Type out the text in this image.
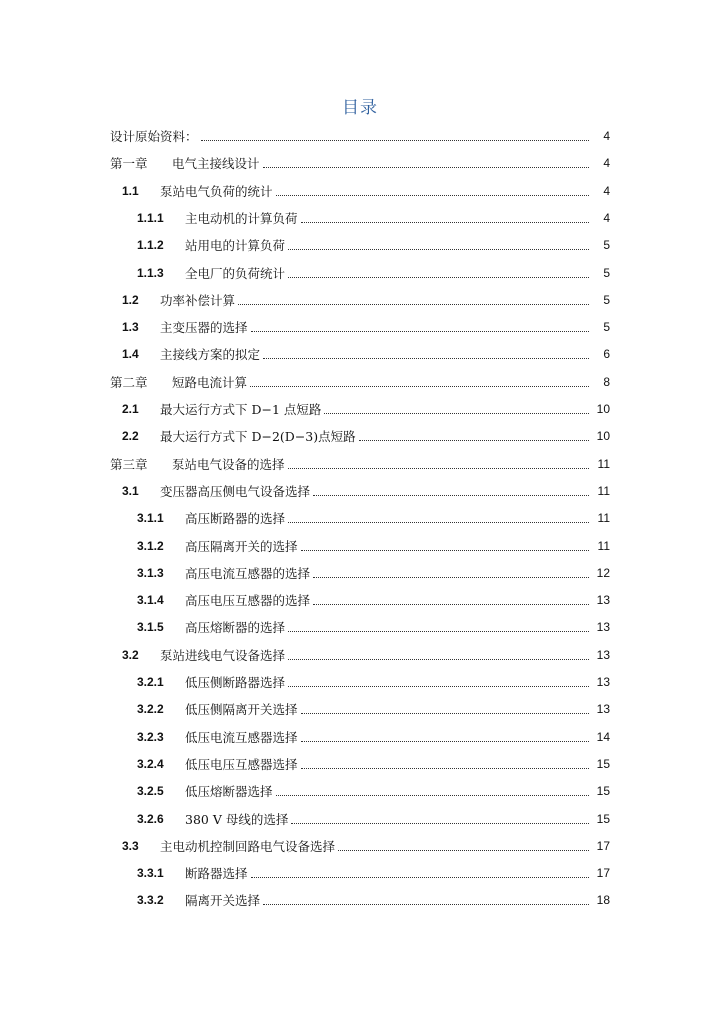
目录
设计原始资料：	4
第一章	电气主接线设计	4
1.1	泵站电气负荷的统计	4
1.1.1	主电动机的计算负荷	4
1.1.2	站用电的计算负荷	5
1.1.3	全电厂的负荷统计	5
1.2	功率补偿计算	5
1.3	主变压器的选择	5
1.4	主接线方案的拟定	6
第二章	短路电流计算	8
2.1	最大运行方式下 D−1 点短路	10
2.2	最大运行方式下 D−2(D−3)点短路	10
第三章	泵站电气设备的选择	11
3.1	变压器高压侧电气设备选择	11
3.1.1	高压断路器的选择	11
3.1.2	高压隔离开关的选择	11
3.1.3	高压电流互感器的选择	12
3.1.4	高压电压互感器的选择	13
3.1.5	高压熔断器的选择	13
3.2	泵站进线电气设备选择	13
3.2.1	低压侧断路器选择	13
3.2.2	低压侧隔离开关选择	13
3.2.3	低压电流互感器选择	14
3.2.4	低压电压互感器选择	15
3.2.5	低压熔断器选择	15
3.2.6	380 V 母线的选择	15
3.3	主电动机控制回路电气设备选择	17
3.3.1	断路器选择	17
3.3.2	隔离开关选择	18
